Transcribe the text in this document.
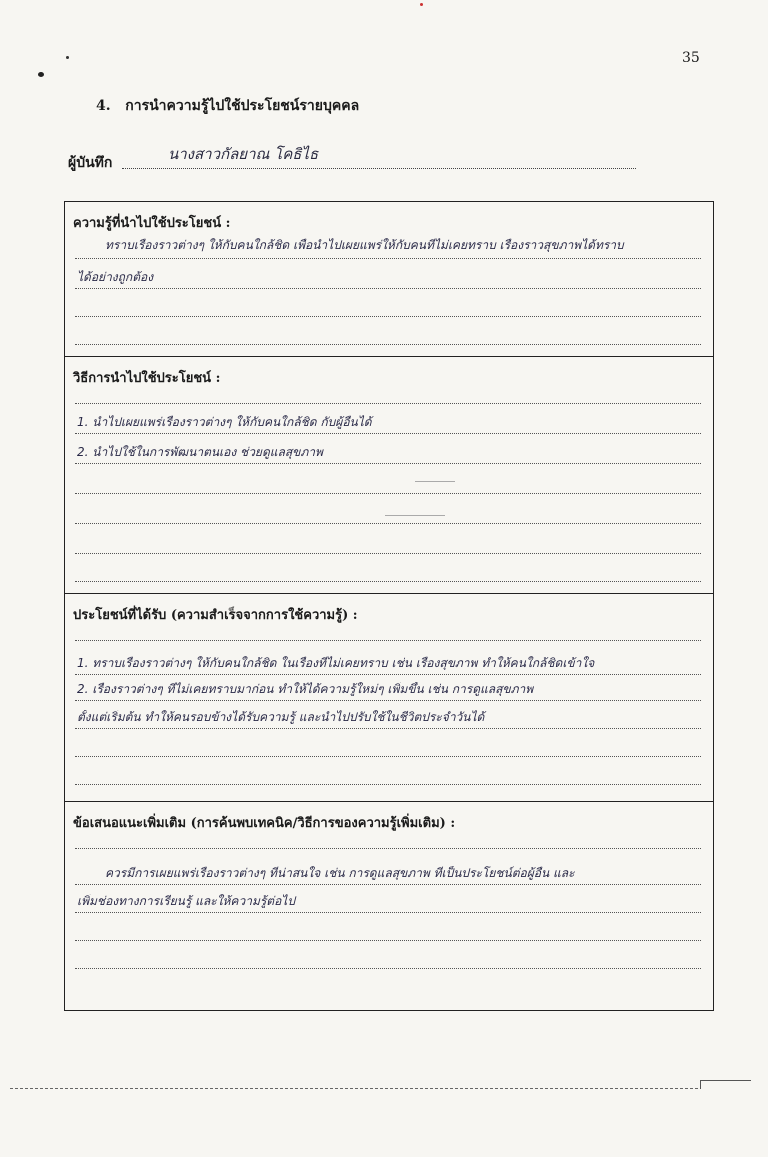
35
4. การนำความรู้ไปใช้ประโยชน์รายบุคคล
ผู้บันทึก	นางสาวกัลยาณ โคธิไธ
ความรู้ที่นำไปใช้ประโยชน์ :
ทราบเรื่องราวต่างๆ ให้กับคนใกล้ชิด เพื่อนำไปเผยแพร่ให้กับคนที่ไม่เคยทราบ เรื่องราวสุขภาพได้ทราบ
ได้อย่างถูกต้อง
วิธีการนำไปใช้ประโยชน์ :
1. นำไปเผยแพร่เรื่องราวต่างๆ ให้กับคนใกล้ชิด กับผู้อื่นได้
2. นำไปใช้ในการพัฒนาตนเอง ช่วยดูแลสุขภาพ
ประโยชน์ที่ได้รับ (ความสำเร็จจากการใช้ความรู้) :
1. ทราบเรื่องราวต่างๆ ให้กับคนใกล้ชิด ในเรื่องที่ไม่เคยทราบ เช่น เรื่องสุขภาพ ทำให้คนใกล้ชิดเข้าใจ
2. เรื่องราวต่างๆ ที่ไม่เคยทราบมาก่อน ทำให้ได้ความรู้ใหม่ๆ เพิ่มขึ้น เช่น การดูแลสุขภาพ
ตั้งแต่เริ่มต้น ทำให้คนรอบข้างได้รับความรู้ และนำไปปรับใช้ในชีวิตประจำวันได้
ข้อเสนอแนะเพิ่มเติม (การค้นพบเทคนิค/วิธีการของความรู้เพิ่มเติม) :
ควรมีการเผยแพร่เรื่องราวต่างๆ ที่น่าสนใจ เช่น การดูแลสุขภาพ ที่เป็นประโยชน์ต่อผู้อื่น และ
เพิ่มช่องทางการเรียนรู้ และให้ความรู้ต่อไป
